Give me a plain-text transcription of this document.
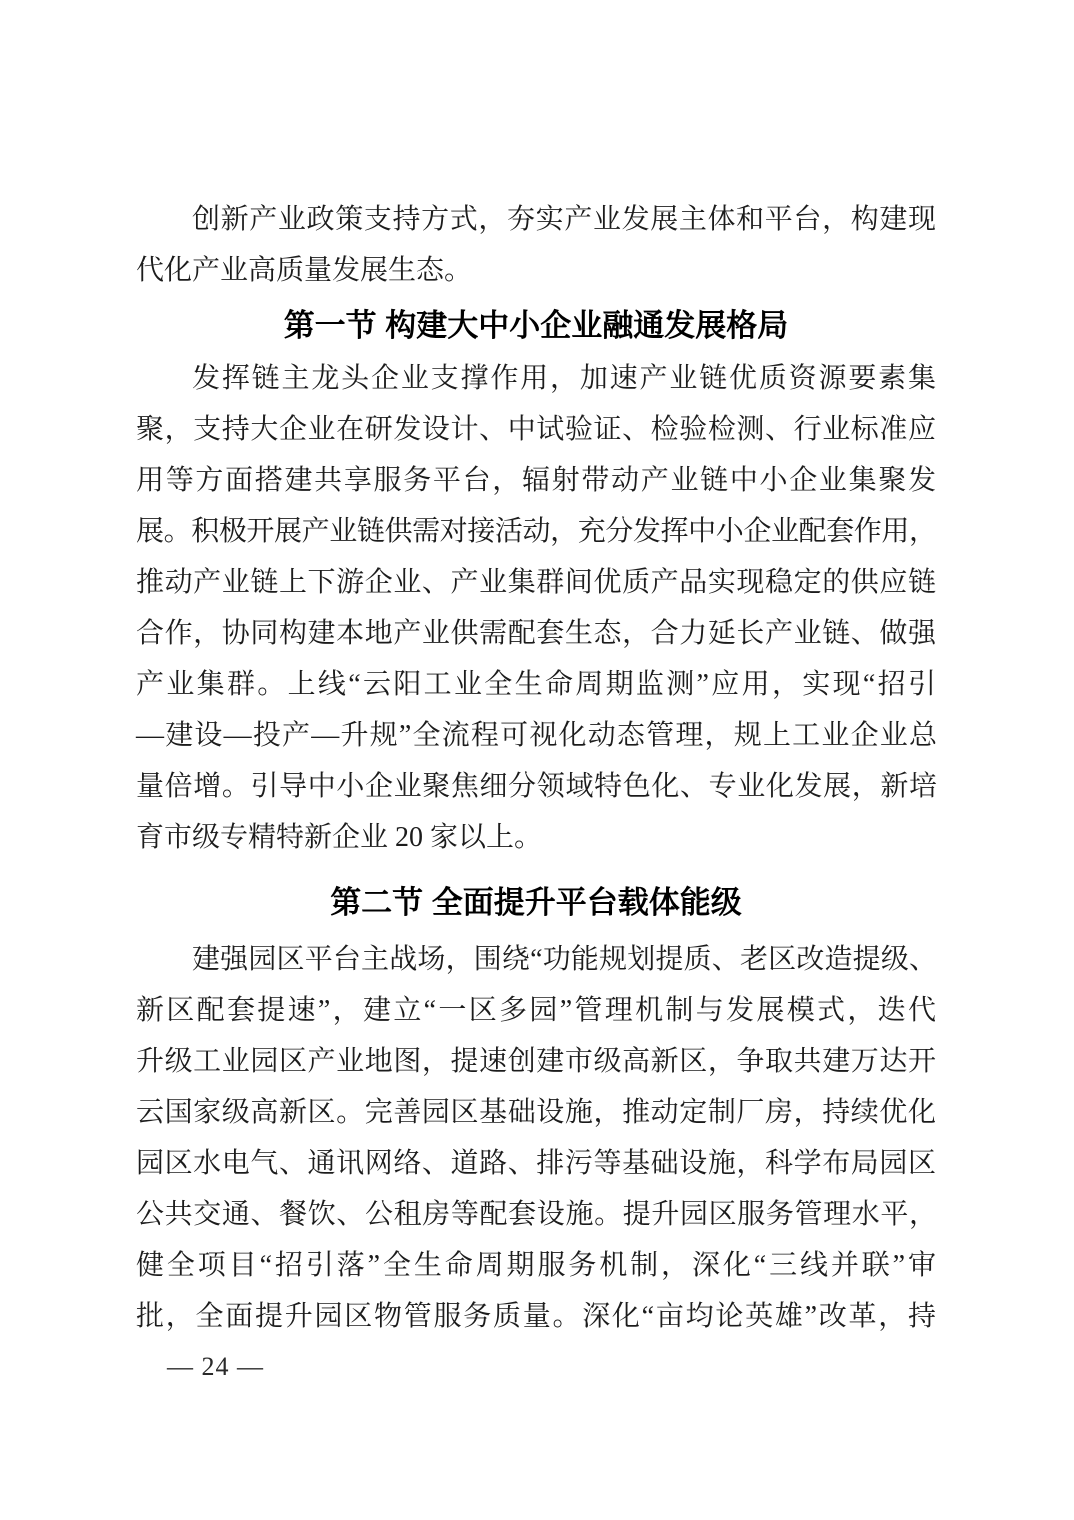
创新产业政策支持方式，夯实产业发展主体和平台，构建现
代化产业高质量发展生态。
第一节 构建大中小企业融通发展格局
发挥链主龙头企业支撑作用，加速产业链优质资源要素集
聚，支持大企业在研发设计、中试验证、检验检测、行业标准应
用等方面搭建共享服务平台，辐射带动产业链中小企业集聚发
展。积极开展产业链供需对接活动，充分发挥中小企业配套作用，
推动产业链上下游企业、产业集群间优质产品实现稳定的供应链
合作，协同构建本地产业供需配套生态，合力延长产业链、做强
产业集群。上线“云阳工业全生命周期监测”应用，实现“招引
—建设—投产—升规”全流程可视化动态管理，规上工业企业总
量倍增。引导中小企业聚焦细分领域特色化、专业化发展，新培
育市级专精特新企业 20 家以上。
第二节 全面提升平台载体能级
建强园区平台主战场，围绕“功能规划提质、老区改造提级、
新区配套提速”，建立“一区多园”管理机制与发展模式，迭代
升级工业园区产业地图，提速创建市级高新区，争取共建万达开
云国家级高新区。完善园区基础设施，推动定制厂房，持续优化
园区水电气、通讯网络、道路、排污等基础设施，科学布局园区
公共交通、餐饮、公租房等配套设施。提升园区服务管理水平，
健全项目“招引落”全生命周期服务机制，深化“三线并联”审
批，全面提升园区物管服务质量。深化“亩均论英雄”改革，持
— 24 —
